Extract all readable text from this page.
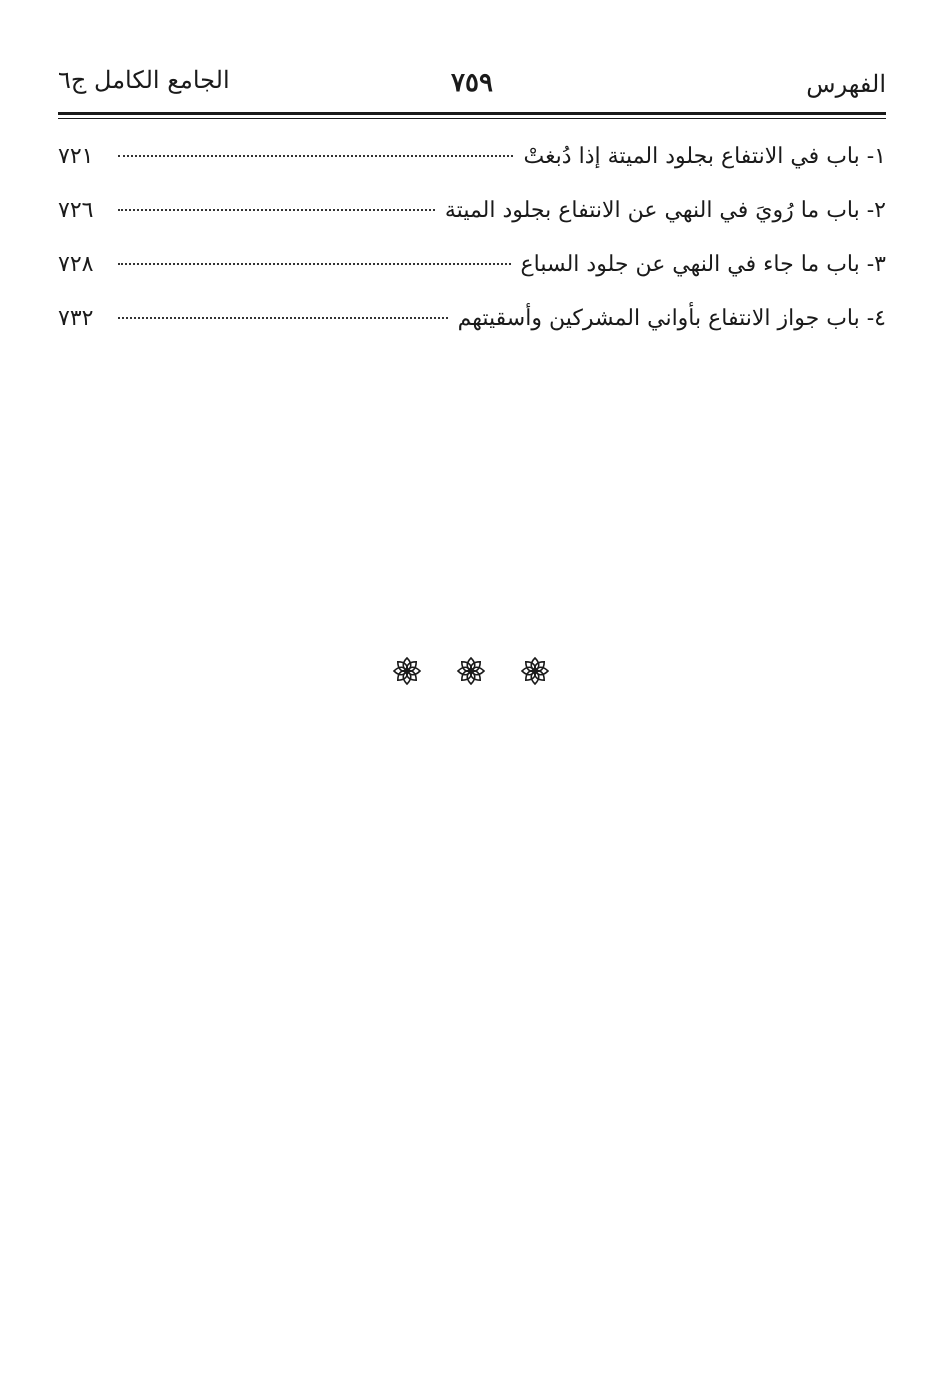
الفهرس
٧٥٩
الجامع الكامل ج٦
١- باب في الانتفاع بجلود الميتة إذا دُبغتْ
٧٢١
٢- باب ما رُويَ في النهي عن الانتفاع بجلود الميتة
٧٢٦
٣- باب ما جاء في النهي عن جلود السباع
٧٢٨
٤- باب جواز الانتفاع بأواني المشركين وأسقيتهم
٧٣٢
